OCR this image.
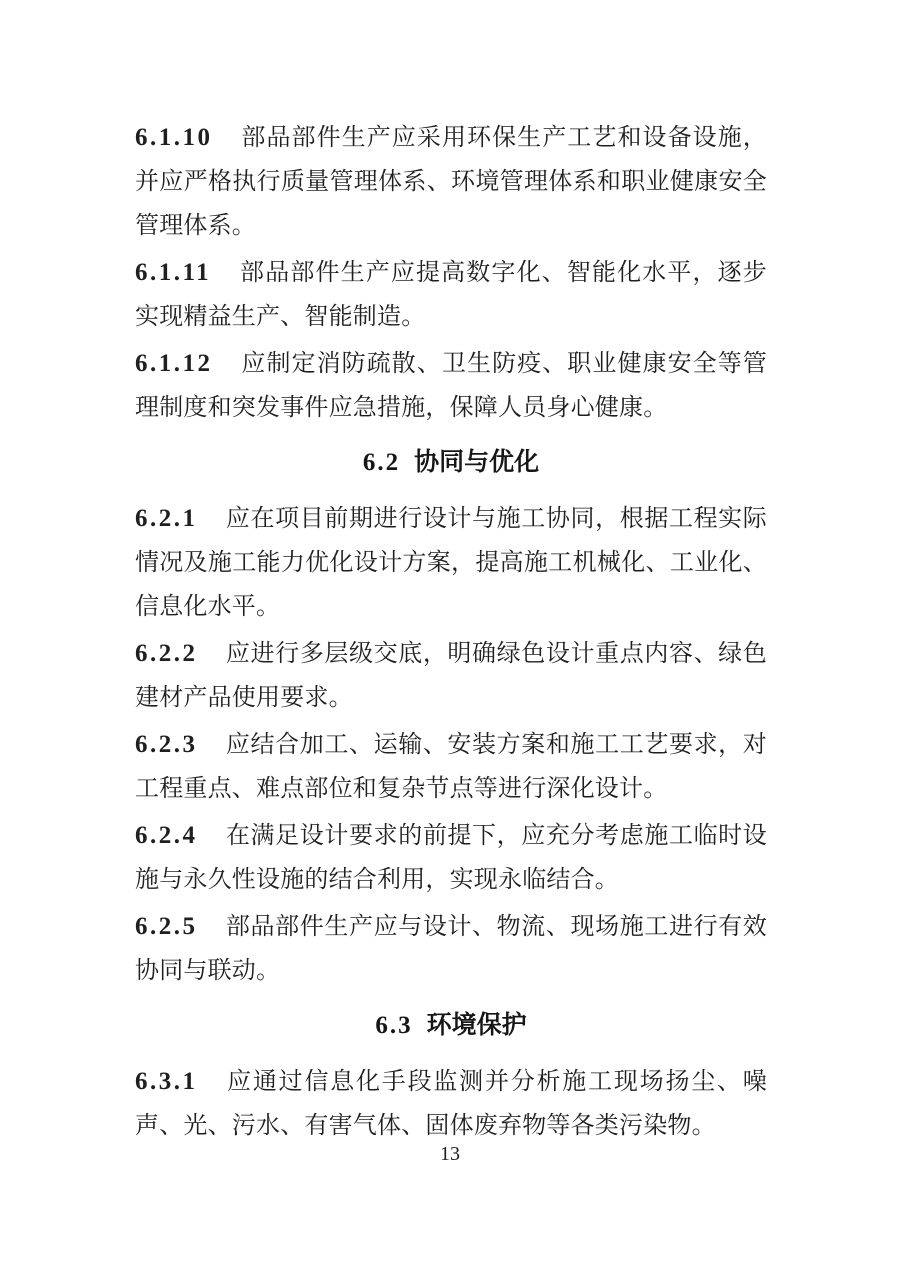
6.1.10 部品部件生产应采用环保生产工艺和设备设施，并应严格执行质量管理体系、环境管理体系和职业健康安全管理体系。

6.1.11 部品部件生产应提高数字化、智能化水平，逐步实现精益生产、智能制造。

6.1.12 应制定消防疏散、卫生防疫、职业健康安全等管理制度和突发事件应急措施，保障人员身心健康。

6.2 协同与优化

6.2.1 应在项目前期进行设计与施工协同，根据工程实际情况及施工能力优化设计方案，提高施工机械化、工业化、信息化水平。

6.2.2 应进行多层级交底，明确绿色设计重点内容、绿色建材产品使用要求。

6.2.3 应结合加工、运输、安装方案和施工工艺要求，对工程重点、难点部位和复杂节点等进行深化设计。

6.2.4 在满足设计要求的前提下，应充分考虑施工临时设施与永久性设施的结合利用，实现永临结合。

6.2.5 部品部件生产应与设计、物流、现场施工进行有效协同与联动。

6.3 环境保护

6.3.1 应通过信息化手段监测并分析施工现场扬尘、噪声、光、污水、有害气体、固体废弃物等各类污染物。

13
